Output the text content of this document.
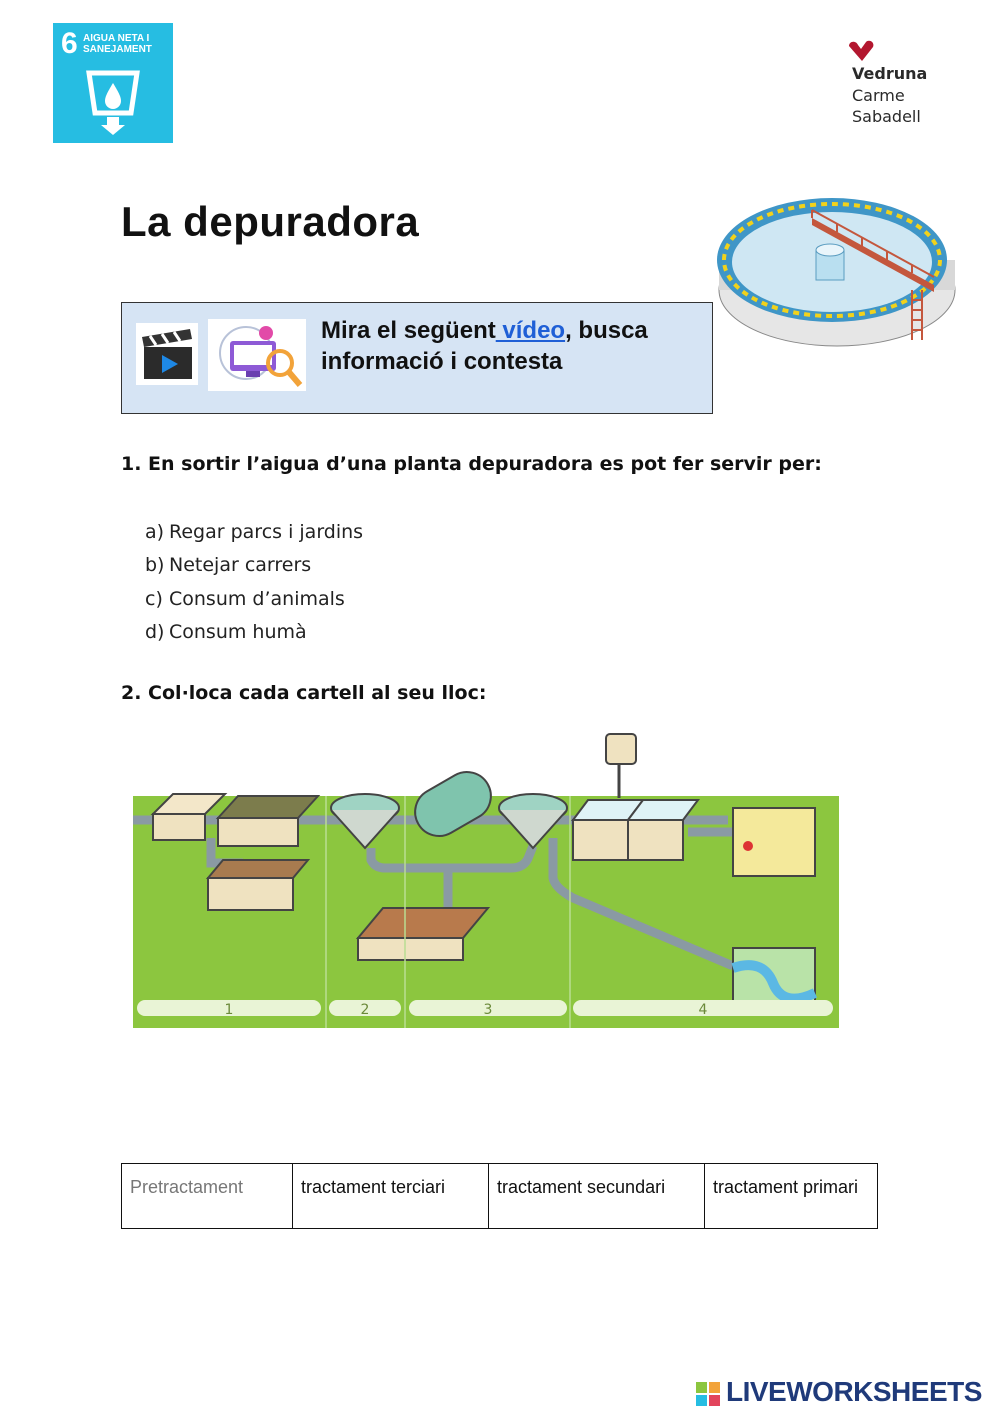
6 AIGUA NETA I SANEJAMENT
Vedruna
Carme
Sabadell
La depuradora
Mira el següent vídeo, busca
informació i contesta
1. En sortir l’aigua d’una planta depuradora es pot fer servir per:
a) Regar parcs i jardins
b) Netejar carrers
c) Consum d’animals
d) Consum humà
2. Col·loca cada cartell al seu lloc:
1	2	3	4
Pretractament	tractament terciari	tractament secundari	tractament primari
LIVEWORKSHEETS
